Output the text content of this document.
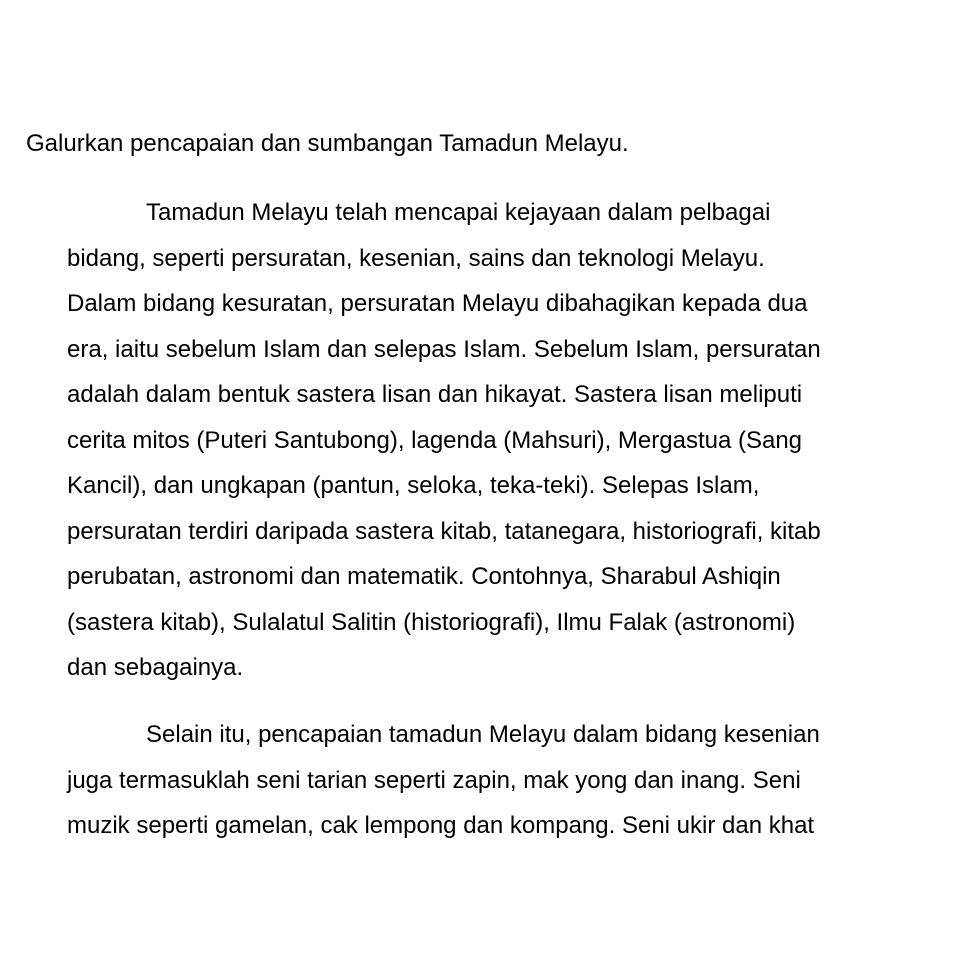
Galurkan pencapaian dan sumbangan Tamadun Melayu.
Tamadun Melayu telah mencapai kejayaan dalam pelbagai
bidang, seperti persuratan, kesenian, sains dan teknologi Melayu.
Dalam bidang kesuratan, persuratan Melayu dibahagikan kepada dua
era, iaitu sebelum Islam dan selepas Islam. Sebelum Islam, persuratan
adalah dalam bentuk sastera lisan dan hikayat. Sastera lisan meliputi
cerita mitos (Puteri Santubong), lagenda (Mahsuri), Mergastua (Sang
Kancil), dan ungkapan (pantun, seloka, teka-teki). Selepas Islam,
persuratan terdiri daripada sastera kitab, tatanegara, historiografi, kitab
perubatan, astronomi dan matematik. Contohnya, Sharabul Ashiqin
(sastera kitab), Sulalatul Salitin (historiografi), Ilmu Falak (astronomi)
dan sebagainya.
Selain itu, pencapaian tamadun Melayu dalam bidang kesenian
juga termasuklah seni tarian seperti zapin, mak yong dan inang. Seni
muzik seperti gamelan, cak lempong dan kompang. Seni ukir dan khat
